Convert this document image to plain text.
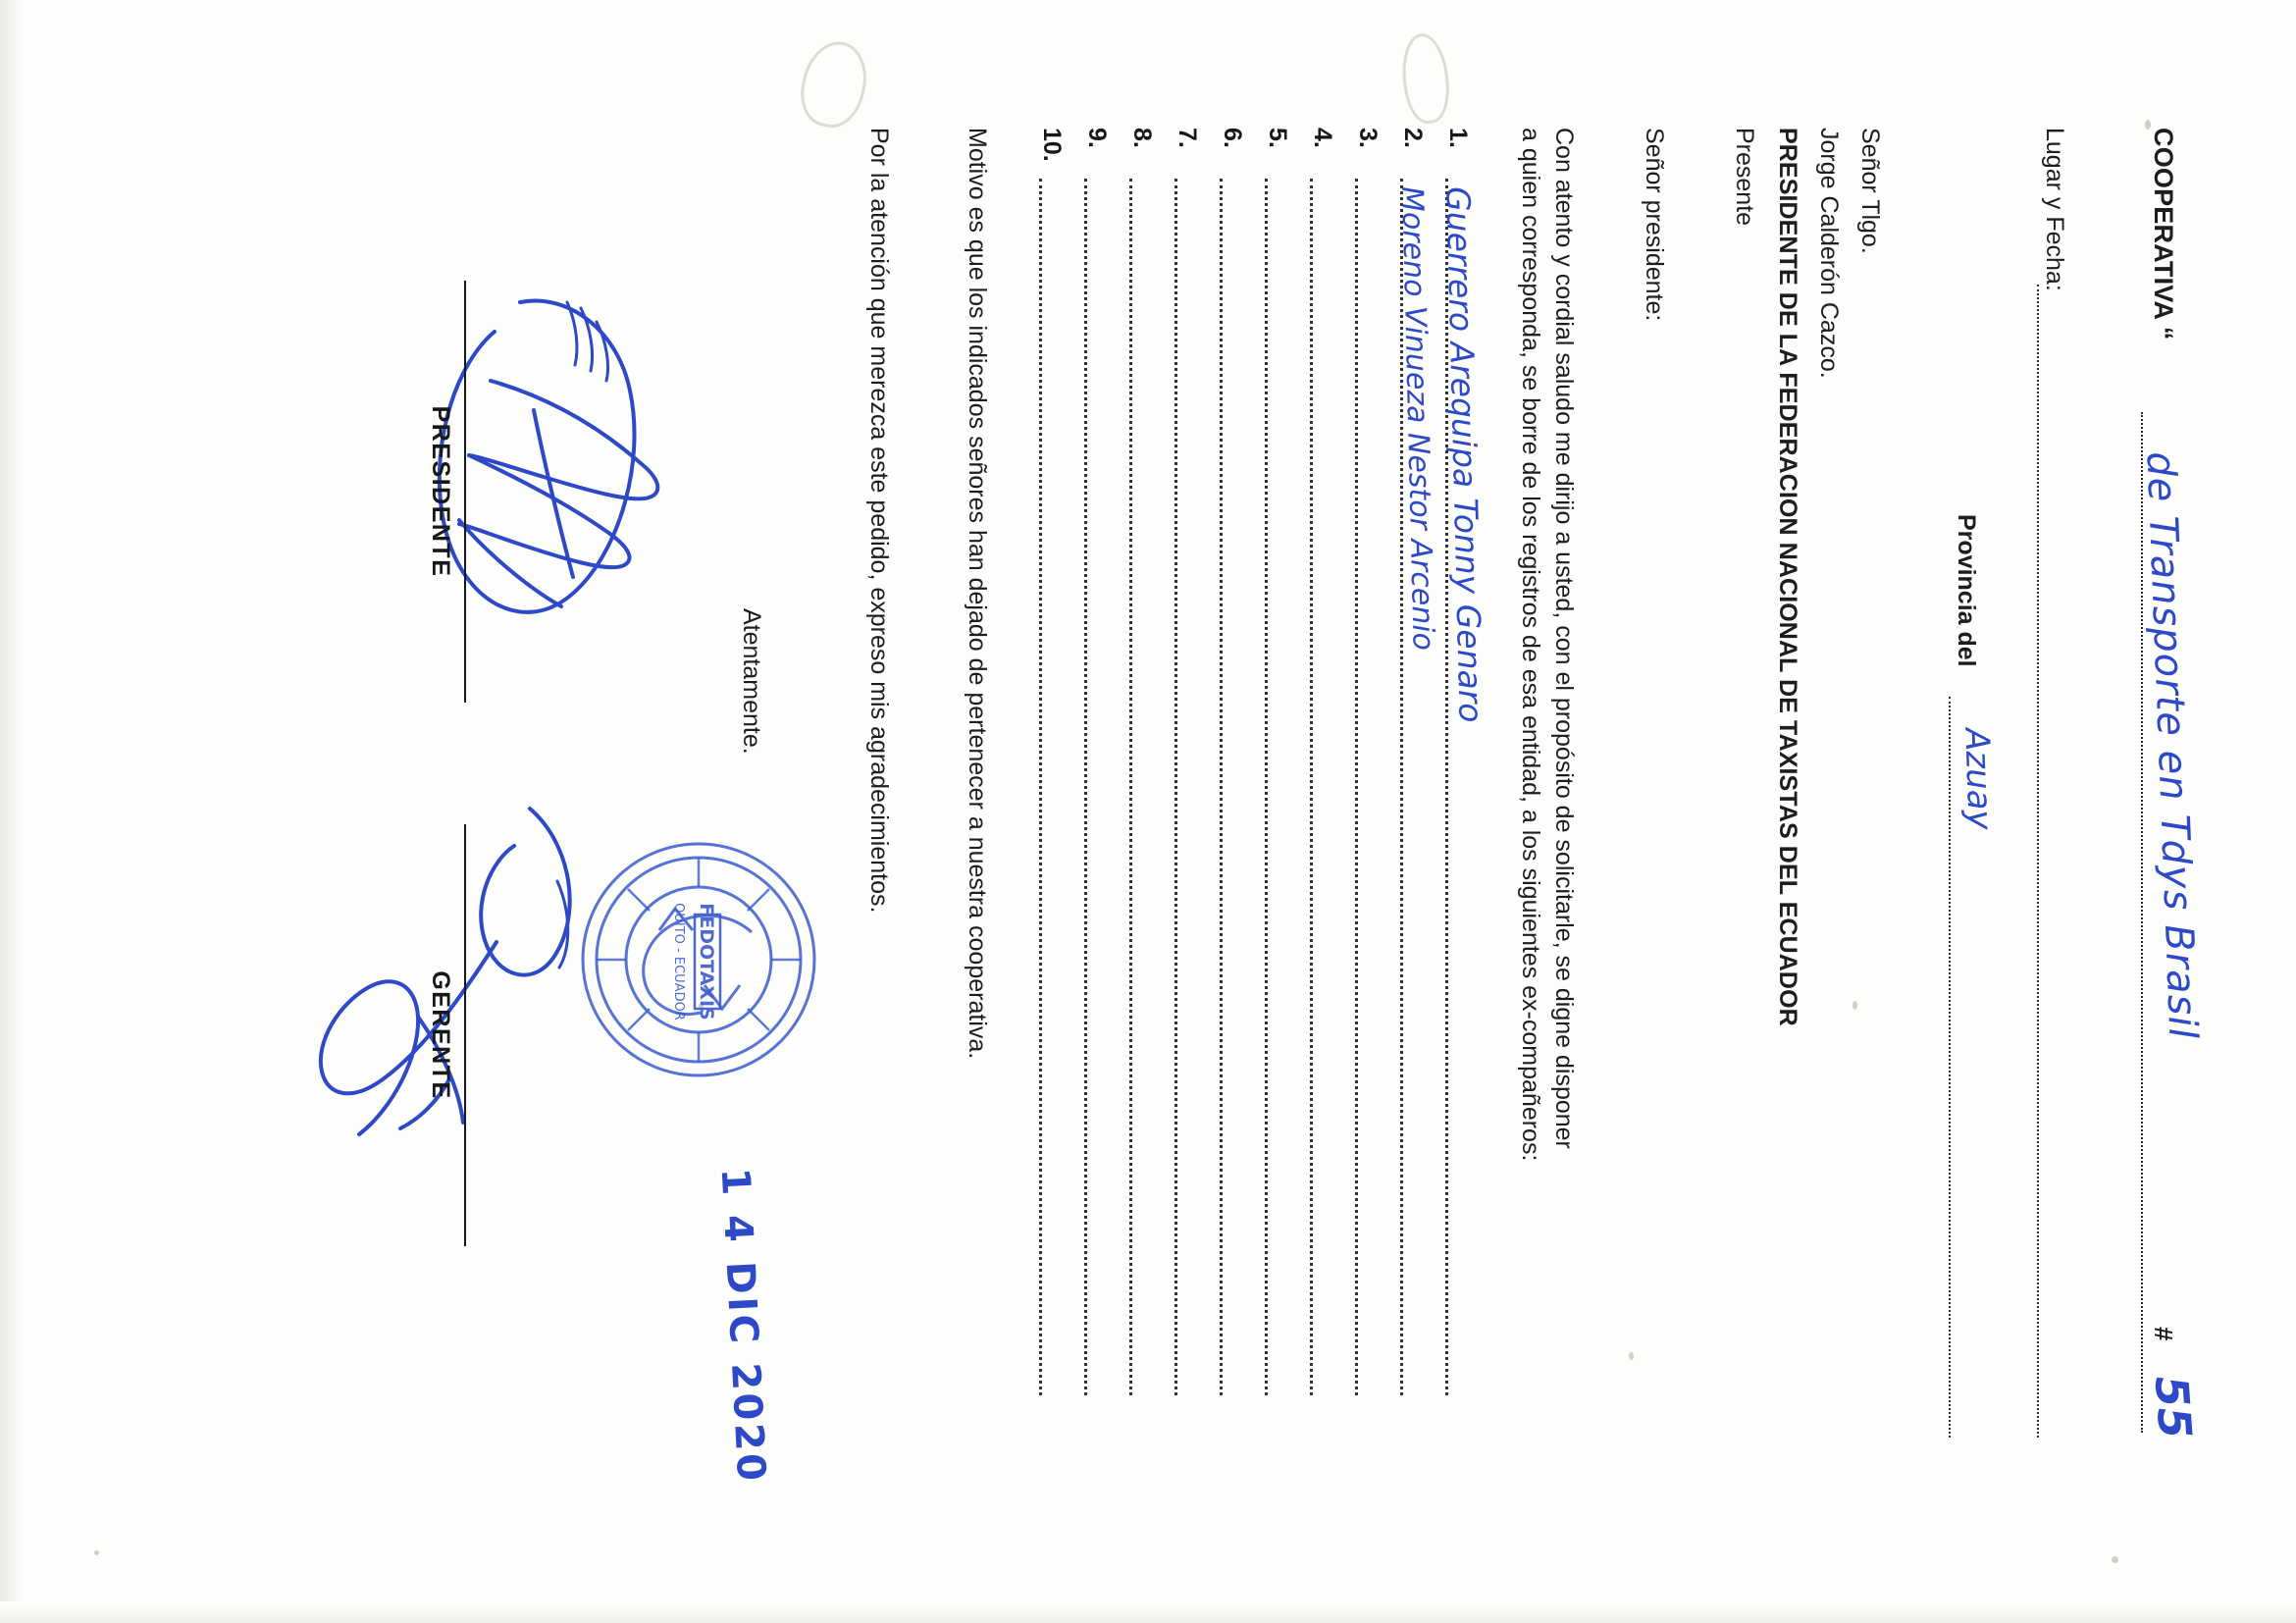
COOPERATIVA “
de Transporte en Tdys Brasil
#
55
Lugar y Fecha:
Provincia del
Azuay
Señor Tlgo.
Jorge Calderón Cazco.
PRESIDENTE DE LA FEDERACION NACIONAL DE TAXISTAS DEL ECUADOR
Presente
Señor presidente:
Con atento y cordial saludo me dirijo a usted, con el propósito de solicitarle, se digne disponer
a quien corresponda, se borre de los registros de esa entidad, a los siguientes ex-compañeros:
1.
Guerrero Arequipa Tonny Genaro
2.
Moreno Vinueza Nestor Arcenio
3.
4.
5.
6.
7.
8.
9.
10.
Motivo es que los indicados señores han dejado de pertenecer a nuestra cooperativa.
Por la atención que merezca este pedido, expreso mis agradecimientos.
Atentamente.
FEDOTAXIS
QUITO - ECUADOR
1 4 DIC 2020
PRESIDENTE
GERENTE
